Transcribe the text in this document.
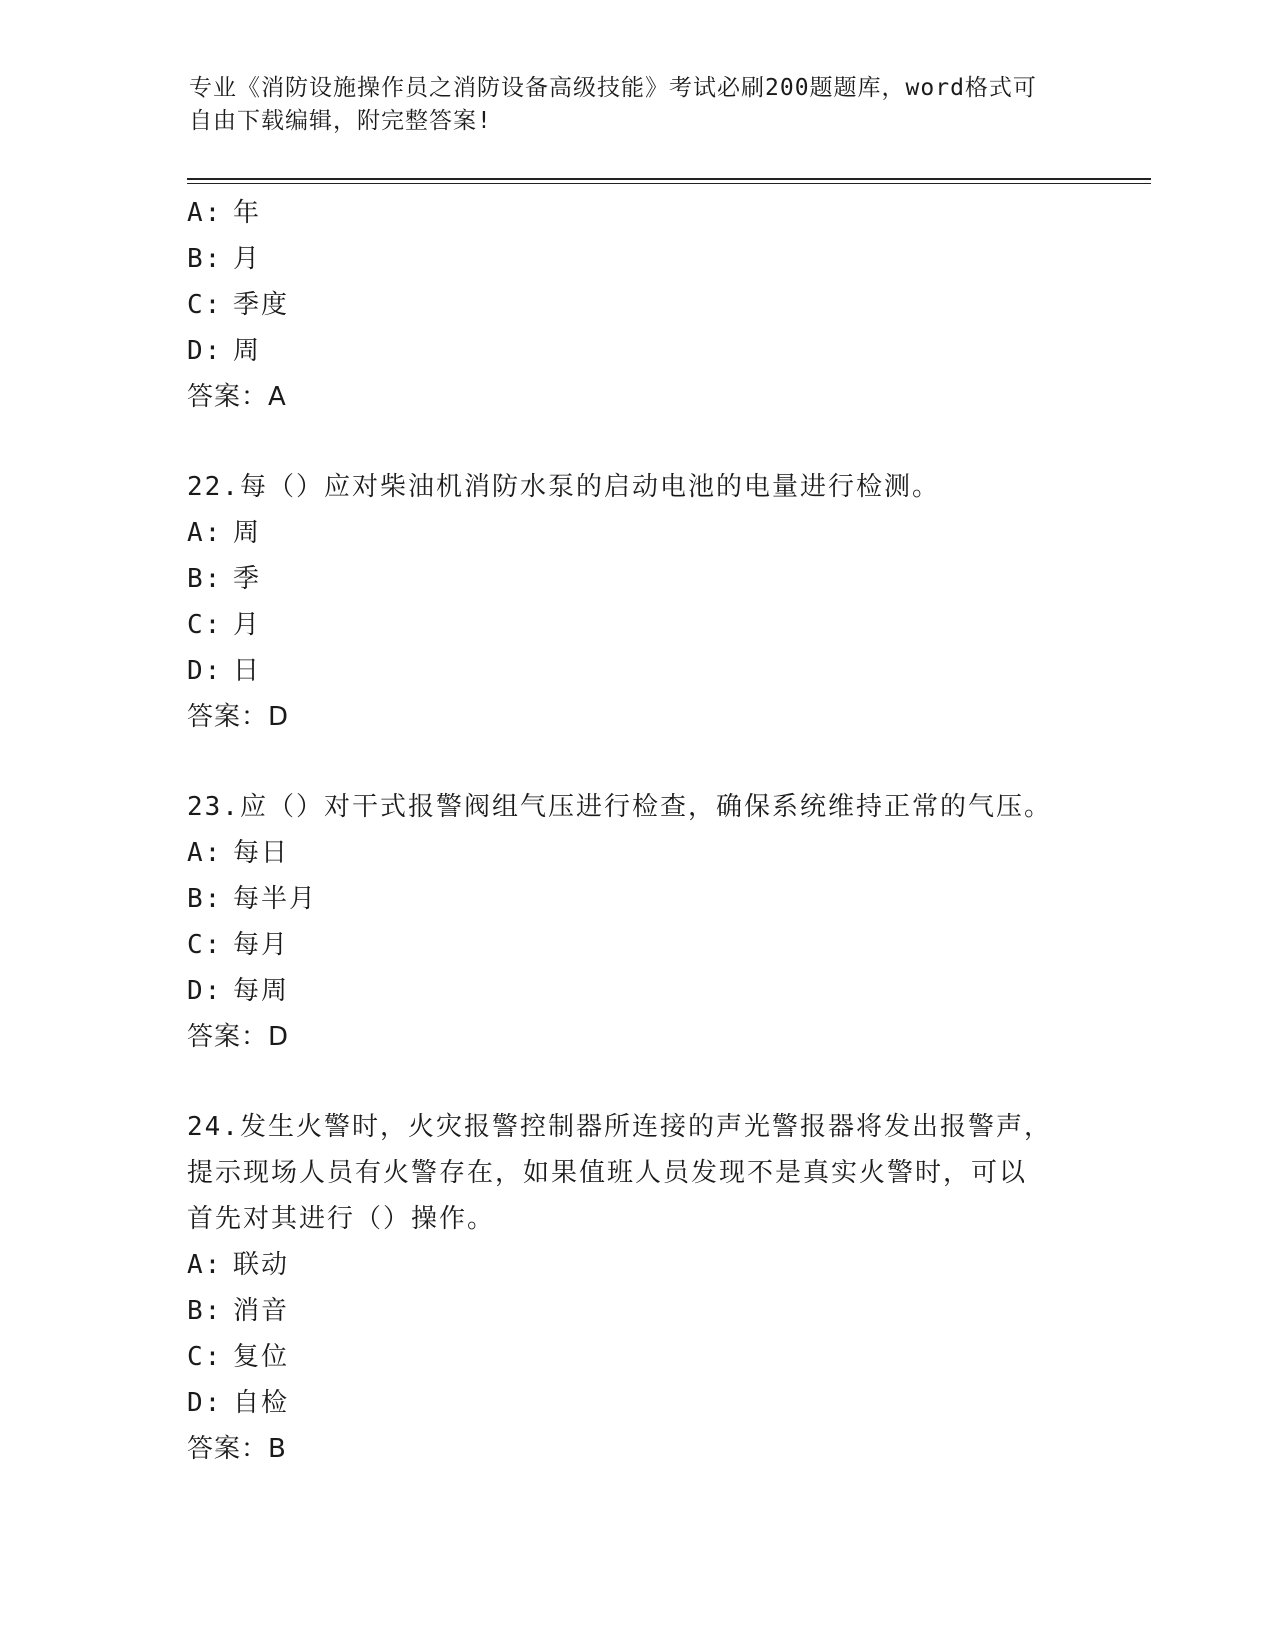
专业《消防设施操作员之消防设备高级技能》考试必刷200题题库，word格式可
自由下载编辑，附完整答案!
A: 年
B: 月
C: 季度
D: 周
答案：A
22.每（）应对柴油机消防水泵的启动电池的电量进行检测。
A: 周
B: 季
C: 月
D: 日
答案：D
23.应（）对干式报警阀组气压进行检查，确保系统维持正常的气压。
A: 每日
B: 每半月
C: 每月
D: 每周
答案：D
24.发生火警时，火灾报警控制器所连接的声光警报器将发出报警声，
提示现场人员有火警存在，如果值班人员发现不是真实火警时，可以
首先对其进行（）操作。
A: 联动
B: 消音
C: 复位
D: 自检
答案：B
